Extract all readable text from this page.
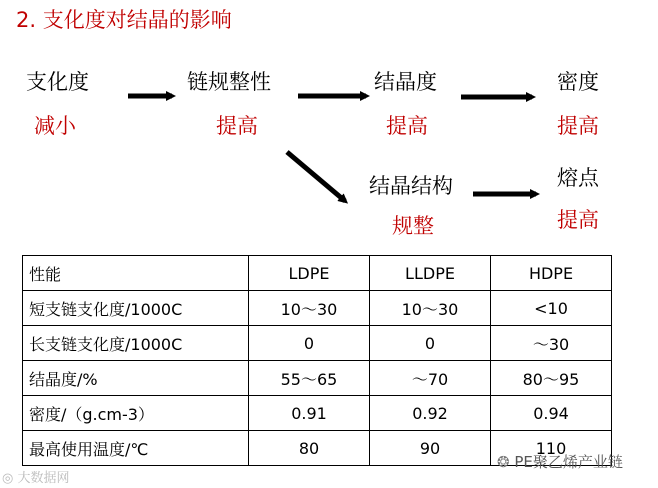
2. 支化度对结晶的影响
支化度
减小
链规整性
提高
结晶度
提高
密度
提高
结晶结构
规整
熔点
提高
性能	LDPE	LLDPE	HDPE
短支链支化度/1000C	10～30	10～30	<10
长支链支化度/1000C	0	0	～30
结晶度/%	55～65	～70	80～95
密度/（g.cm-3）	0.91	0.92	0.94
最高使用温度/℃	80	90	110
◎ 大数据网
❂ PE聚乙烯产业链
